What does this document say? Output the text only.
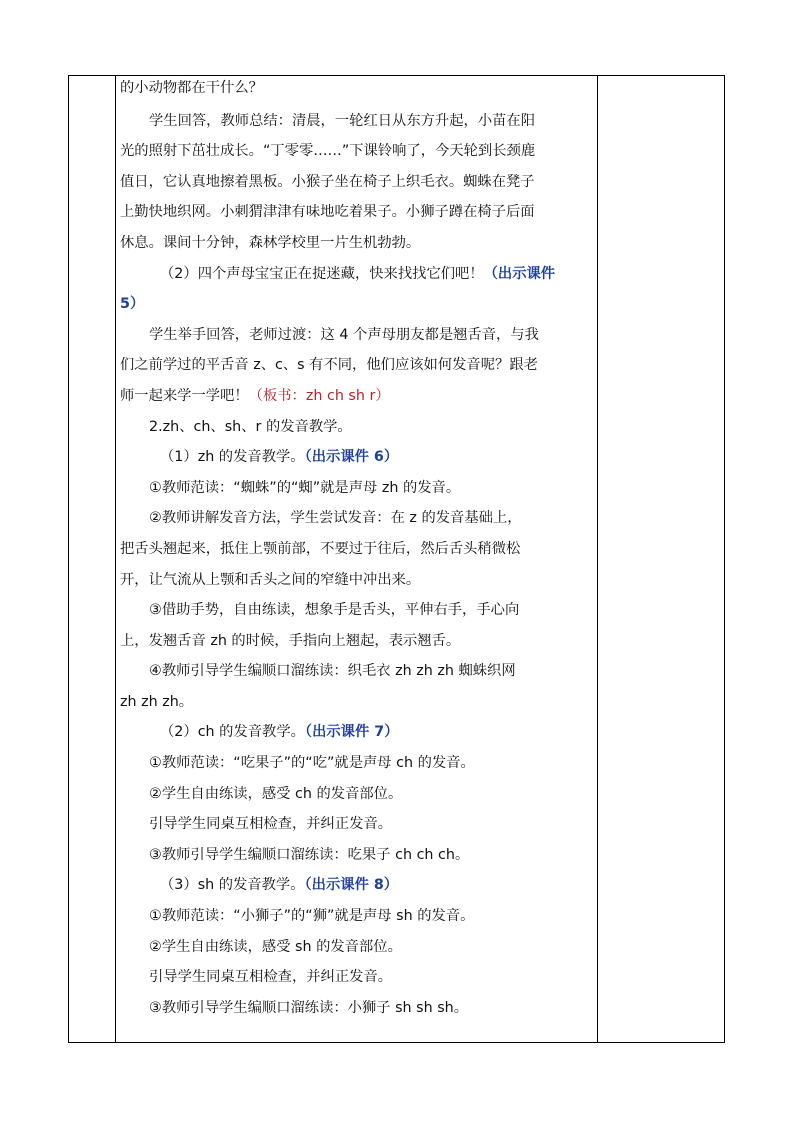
的小动物都在干什么？
学生回答，教师总结：清晨，一轮红日从东方升起，小苗在阳
光的照射下茁壮成长。“丁零零……”下课铃响了，今天轮到长颈鹿
值日，它认真地擦着黑板。小猴子坐在椅子上织毛衣。蜘蛛在凳子
上勤快地织网。小刺猬津津有味地吃着果子。小狮子蹲在椅子后面
休息。课间十分钟，森林学校里一片生机勃勃。
（2）四个声母宝宝正在捉迷藏，快来找找它们吧！（出示课件
5）
学生举手回答，老师过渡：这 4 个声母朋友都是翘舌音，与我
们之前学过的平舌音 z、c、s 有不同，他们应该如何发音呢？跟老
师一起来学一学吧！（板书：zh ch sh r）
2.zh、ch、sh、r 的发音教学。
（1）zh 的发音教学。（出示课件 6）
①教师范读：“蜘蛛”的“蜘”就是声母 zh 的发音。
②教师讲解发音方法，学生尝试发音：在 z 的发音基础上，
把舌头翘起来，抵住上颚前部，不要过于往后，然后舌头稍微松
开，让气流从上颚和舌头之间的窄缝中冲出来。
③借助手势，自由练读，想象手是舌头，平伸右手，手心向
上，发翘舌音 zh 的时候，手指向上翘起，表示翘舌。
④教师引导学生编顺口溜练读：织毛衣 zh zh zh 蜘蛛织网
zh zh zh。
（2）ch 的发音教学。（出示课件 7）
①教师范读：“吃果子”的“吃”就是声母 ch 的发音。
②学生自由练读，感受 ch 的发音部位。
引导学生同桌互相检查，并纠正发音。
③教师引导学生编顺口溜练读：吃果子 ch ch ch。
（3）sh 的发音教学。（出示课件 8）
①教师范读：“小狮子”的“狮”就是声母 sh 的发音。
②学生自由练读，感受 sh 的发音部位。
引导学生同桌互相检查，并纠正发音。
③教师引导学生编顺口溜练读：小狮子 sh sh sh。
